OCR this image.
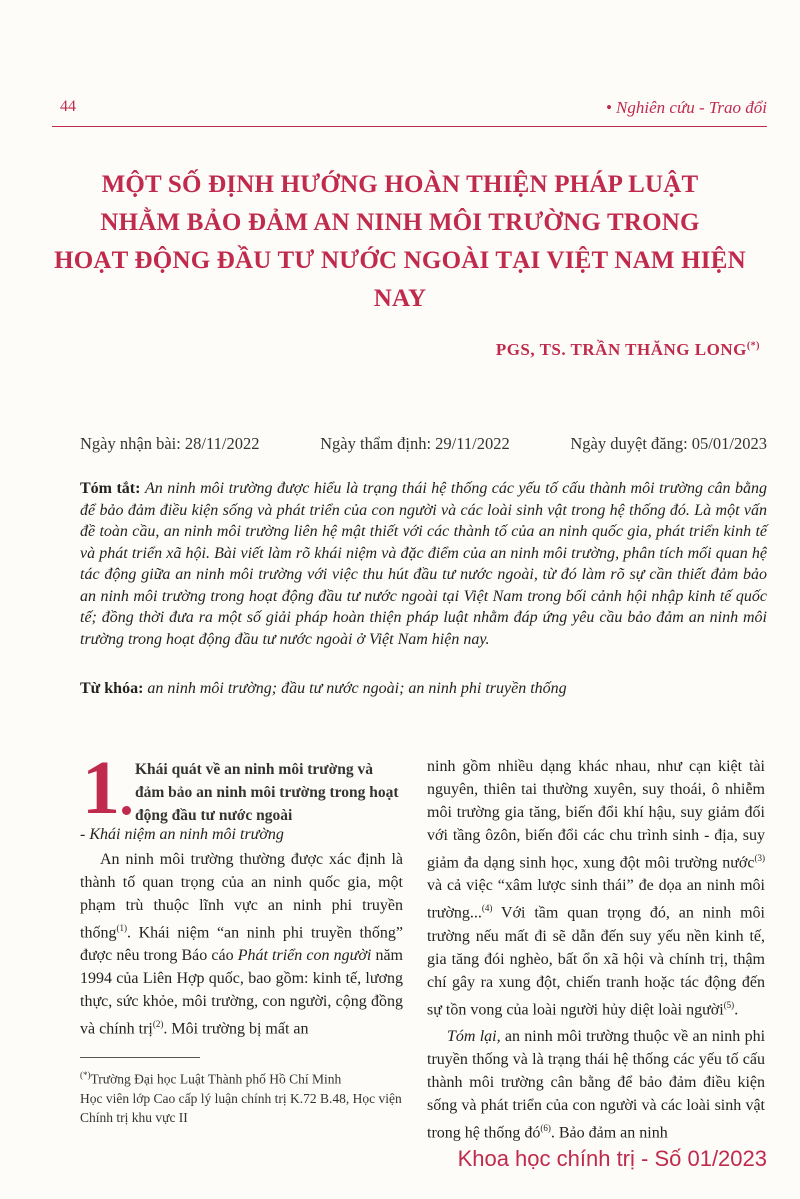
44	• Nghiên cứu - Trao đổi
MỘT SỐ ĐỊNH HƯỚNG HOÀN THIỆN PHÁP LUẬT
NHẰM BẢO ĐẢM AN NINH MÔI TRƯỜNG TRONG
HOẠT ĐỘNG ĐẦU TƯ NƯỚC NGOÀI TẠI VIỆT NAM HIỆN NAY
PGS, TS. TRẦN THĂNG LONG(*)
Ngày nhận bài: 28/11/2022	Ngày thẩm định: 29/11/2022	Ngày duyệt đăng: 05/01/2023
Tóm tắt: An ninh môi trường được hiểu là trạng thái hệ thống các yếu tố cấu thành môi trường cân bằng để bảo đảm điều kiện sống và phát triển của con người và các loài sinh vật trong hệ thống đó. Là một vấn đề toàn cầu, an ninh môi trường liên hệ mật thiết với các thành tố của an ninh quốc gia, phát triển kinh tế và phát triển xã hội. Bài viết làm rõ khái niệm và đặc điểm của an ninh môi trường, phân tích mối quan hệ tác động giữa an ninh môi trường với việc thu hút đầu tư nước ngoài, từ đó làm rõ sự cần thiết đảm bảo an ninh môi trường trong hoạt động đầu tư nước ngoài tại Việt Nam trong bối cảnh hội nhập kinh tế quốc tế; đồng thời đưa ra một số giải pháp hoàn thiện pháp luật nhằm đáp ứng yêu cầu bảo đảm an ninh môi trường trong hoạt động đầu tư nước ngoài ở Việt Nam hiện nay.
Từ khóa: an ninh môi trường; đầu tư nước ngoài; an ninh phi truyền thống
1 Khái quát về an ninh môi trường và đảm bảo an ninh môi trường trong hoạt động đầu tư nước ngoài
- Khái niệm an ninh môi trường
An ninh môi trường thường được xác định là thành tố quan trọng của an ninh quốc gia, một phạm trù thuộc lĩnh vực an ninh phi truyền thống$^{(1)}$. Khái niệm “an ninh phi truyền thống” được nêu trong Báo cáo Phát triển con người năm 1994 của Liên Hợp quốc, bao gồm: kinh tế, lương thực, sức khỏe, môi trường, con người, cộng đồng và chính trị$^{(2)}$. Môi trường bị mất an
(*)Trường Đại học Luật Thành phố Hồ Chí Minh
Học viên lớp Cao cấp lý luận chính trị K.72 B.48, Học viện Chính trị khu vực II
ninh gồm nhiều dạng khác nhau, như cạn kiệt tài nguyên, thiên tai thường xuyên, suy thoái, ô nhiễm môi trường gia tăng, biến đổi khí hậu, suy giảm đối với tầng ôzôn, biến đổi các chu trình sinh - địa, suy giảm đa dạng sinh học, xung đột môi trường nước$^{(3)}$ và cả việc “xâm lược sinh thái” đe dọa an ninh môi trường...$^{(4)}$ Với tầm quan trọng đó, an ninh môi trường nếu mất đi sẽ dẫn đến suy yếu nền kinh tế, gia tăng đói nghèo, bất ổn xã hội và chính trị, thậm chí gây ra xung đột, chiến tranh hoặc tác động đến sự tồn vong của loài người hủy diệt loài người$^{(5)}$.
Tóm lại, an ninh môi trường thuộc về an ninh phi truyền thống và là trạng thái hệ thống các yếu tố cấu thành môi trường cân bằng để bảo đảm điều kiện sống và phát triển của con người và các loài sinh vật trong hệ thống $đó^{(6)}$. Bảo đảm an ninh
Khoa học chính trị - Số 01/2023
